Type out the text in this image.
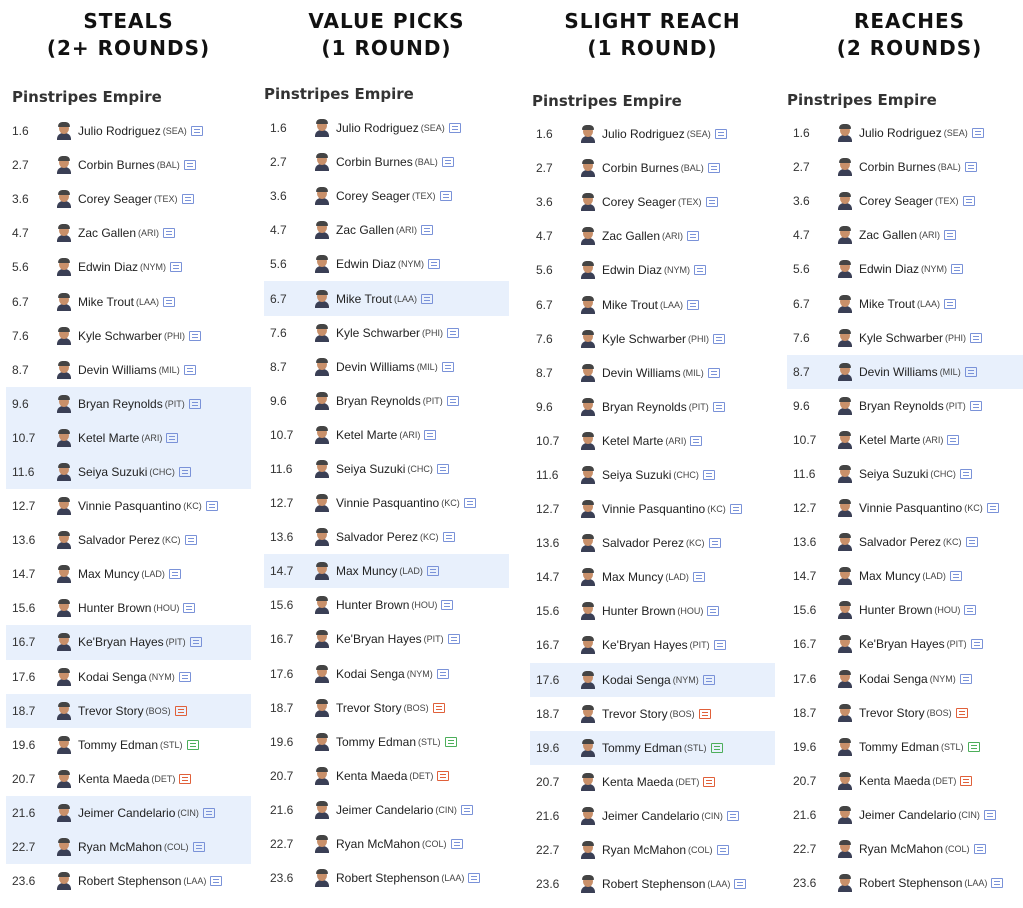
STEALS
(2+ ROUNDS)
Pinstripes Empire
1.6	Julio Rodriguez (SEA)
2.7	Corbin Burnes (BAL)
3.6	Corey Seager (TEX)
4.7	Zac Gallen (ARI)
5.6	Edwin Diaz (NYM)
6.7	Mike Trout (LAA)
7.6	Kyle Schwarber (PHI)
8.7	Devin Williams (MIL)
9.6	Bryan Reynolds (PIT)
10.7	Ketel Marte (ARI)
11.6	Seiya Suzuki (CHC)
12.7	Vinnie Pasquantino (KC)
13.6	Salvador Perez (KC)
14.7	Max Muncy (LAD)
15.6	Hunter Brown (HOU)
16.7	Ke'Bryan Hayes (PIT)
17.6	Kodai Senga (NYM)
18.7	Trevor Story (BOS)
19.6	Tommy Edman (STL)
20.7	Kenta Maeda (DET)
21.6	Jeimer Candelario (CIN)
22.7	Ryan McMahon (COL)
23.6	Robert Stephenson (LAA)
VALUE PICKS
(1 ROUND)
Pinstripes Empire
1.6	Julio Rodriguez (SEA)
2.7	Corbin Burnes (BAL)
3.6	Corey Seager (TEX)
4.7	Zac Gallen (ARI)
5.6	Edwin Diaz (NYM)
6.7	Mike Trout (LAA)
7.6	Kyle Schwarber (PHI)
8.7	Devin Williams (MIL)
9.6	Bryan Reynolds (PIT)
10.7	Ketel Marte (ARI)
11.6	Seiya Suzuki (CHC)
12.7	Vinnie Pasquantino (KC)
13.6	Salvador Perez (KC)
14.7	Max Muncy (LAD)
15.6	Hunter Brown (HOU)
16.7	Ke'Bryan Hayes (PIT)
17.6	Kodai Senga (NYM)
18.7	Trevor Story (BOS)
19.6	Tommy Edman (STL)
20.7	Kenta Maeda (DET)
21.6	Jeimer Candelario (CIN)
22.7	Ryan McMahon (COL)
23.6	Robert Stephenson (LAA)
SLIGHT REACH
(1 ROUND)
Pinstripes Empire
1.6	Julio Rodriguez (SEA)
2.7	Corbin Burnes (BAL)
3.6	Corey Seager (TEX)
4.7	Zac Gallen (ARI)
5.6	Edwin Diaz (NYM)
6.7	Mike Trout (LAA)
7.6	Kyle Schwarber (PHI)
8.7	Devin Williams (MIL)
9.6	Bryan Reynolds (PIT)
10.7	Ketel Marte (ARI)
11.6	Seiya Suzuki (CHC)
12.7	Vinnie Pasquantino (KC)
13.6	Salvador Perez (KC)
14.7	Max Muncy (LAD)
15.6	Hunter Brown (HOU)
16.7	Ke'Bryan Hayes (PIT)
17.6	Kodai Senga (NYM)
18.7	Trevor Story (BOS)
19.6	Tommy Edman (STL)
20.7	Kenta Maeda (DET)
21.6	Jeimer Candelario (CIN)
22.7	Ryan McMahon (COL)
23.6	Robert Stephenson (LAA)
REACHES
(2 ROUNDS)
Pinstripes Empire
1.6	Julio Rodriguez (SEA)
2.7	Corbin Burnes (BAL)
3.6	Corey Seager (TEX)
4.7	Zac Gallen (ARI)
5.6	Edwin Diaz (NYM)
6.7	Mike Trout (LAA)
7.6	Kyle Schwarber (PHI)
8.7	Devin Williams (MIL)
9.6	Bryan Reynolds (PIT)
10.7	Ketel Marte (ARI)
11.6	Seiya Suzuki (CHC)
12.7	Vinnie Pasquantino (KC)
13.6	Salvador Perez (KC)
14.7	Max Muncy (LAD)
15.6	Hunter Brown (HOU)
16.7	Ke'Bryan Hayes (PIT)
17.6	Kodai Senga (NYM)
18.7	Trevor Story (BOS)
19.6	Tommy Edman (STL)
20.7	Kenta Maeda (DET)
21.6	Jeimer Candelario (CIN)
22.7	Ryan McMahon (COL)
23.6	Robert Stephenson (LAA)
